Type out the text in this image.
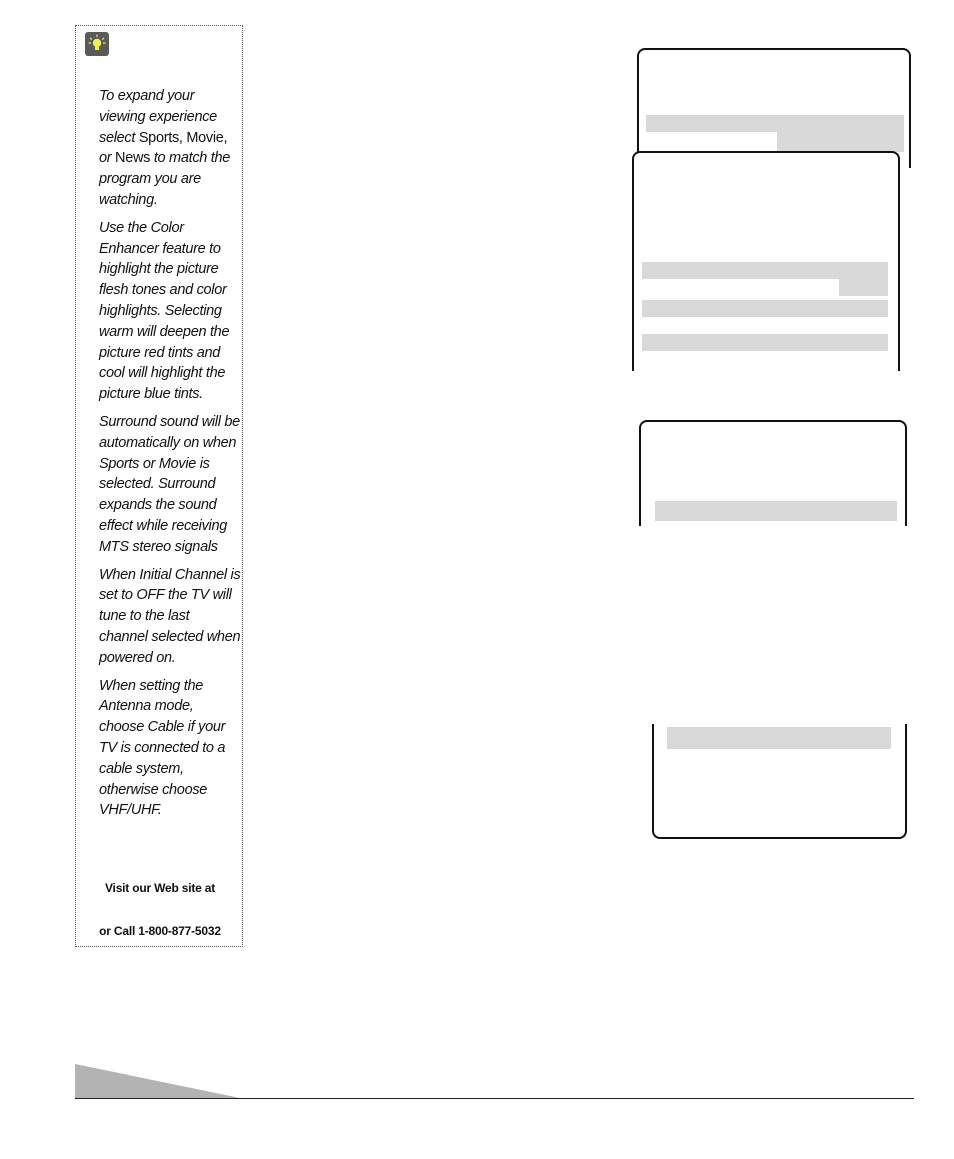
To expand your viewing experience select Sports, Movie, or News to match the program you are watching.

Use the Color Enhancer feature to highlight the picture flesh tones and color highlights. Selecting warm will deepen the picture red tints and cool will highlight the picture blue tints.

Surround sound will be automatically on when Sports or Movie is selected. Surround expands the sound effect while receiving MTS stereo signals

When Initial Channel is set to OFF the TV will tune to the last channel selected when powered on.

When setting the Antenna mode, choose Cable if your TV is connected to a cable system, otherwise choose VHF/UHF.

Visit our Web site at
or Call 1-800-877-5032
